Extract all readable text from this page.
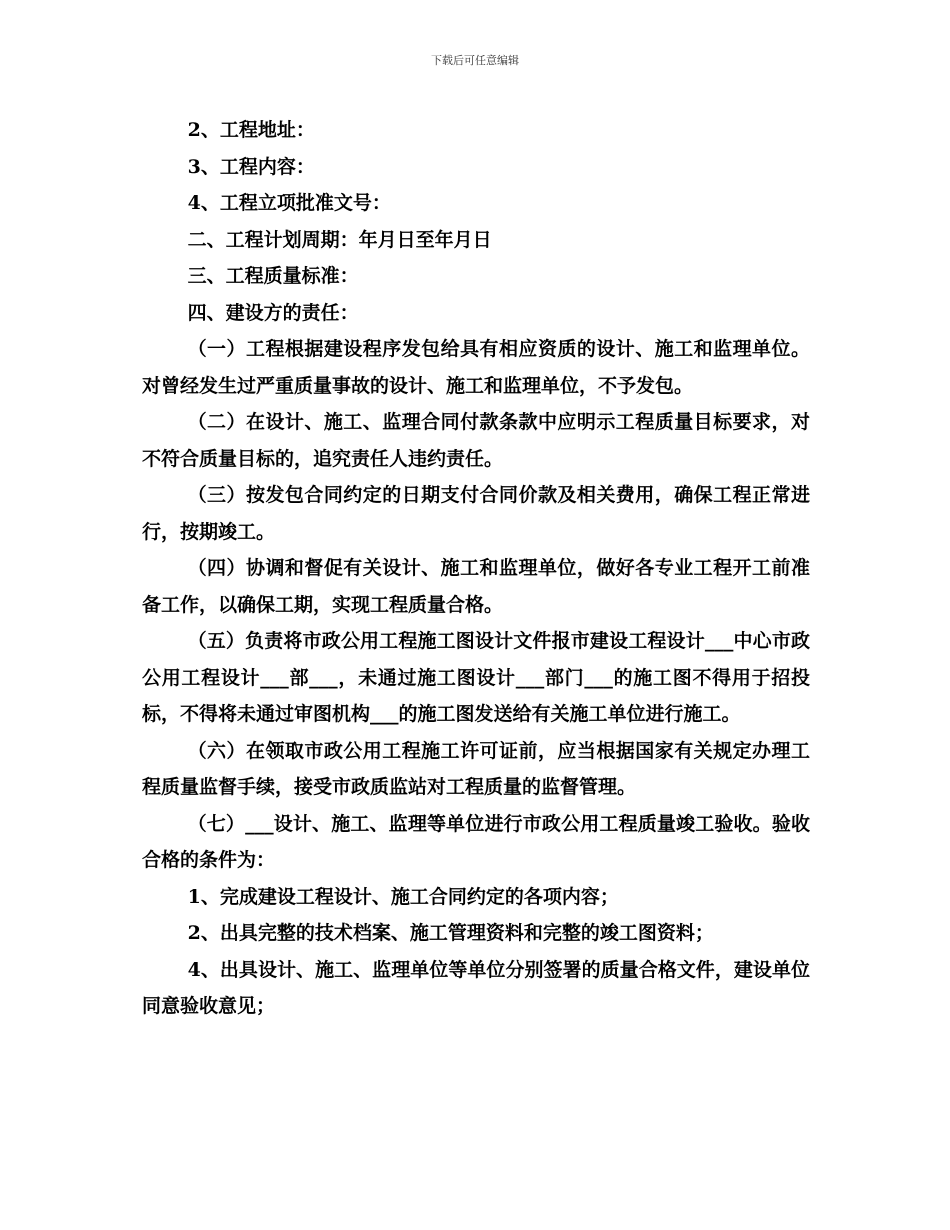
下载后可任意编辑

2、工程地址：

3、工程内容：

4、工程立项批准文号：

二、工程计划周期：年月日至年月日

三、工程质量标准：

四、建设方的责任：

（一）工程根据建设程序发包给具有相应资质的设计、施工和监理单位。对曾经发生过严重质量事故的设计、施工和监理单位，不予发包。

（二）在设计、施工、监理合同付款条款中应明示工程质量目标要求，对不符合质量目标的，追究责任人违约责任。

（三）按发包合同约定的日期支付合同价款及相关费用，确保工程正常进行，按期竣工。

（四）协调和督促有关设计、施工和监理单位，做好各专业工程开工前准备工作，以确保工期，实现工程质量合格。

（五）负责将市政公用工程施工图设计文件报市建设工程设计___中心市政公用工程设计___部___，未通过施工图设计___部门___的施工图不得用于招投标，不得将未通过审图机构___的施工图发送给有关施工单位进行施工。

（六）在领取市政公用工程施工许可证前，应当根据国家有关规定办理工程质量监督手续，接受市政质监站对工程质量的监督管理。

（七）___设计、施工、监理等单位进行市政公用工程质量竣工验收。验收合格的条件为：

1、完成建设工程设计、施工合同约定的各项内容；

2、出具完整的技术档案、施工管理资料和完整的竣工图资料；

4、出具设计、施工、监理单位等单位分别签署的质量合格文件，建设单位同意验收意见；
